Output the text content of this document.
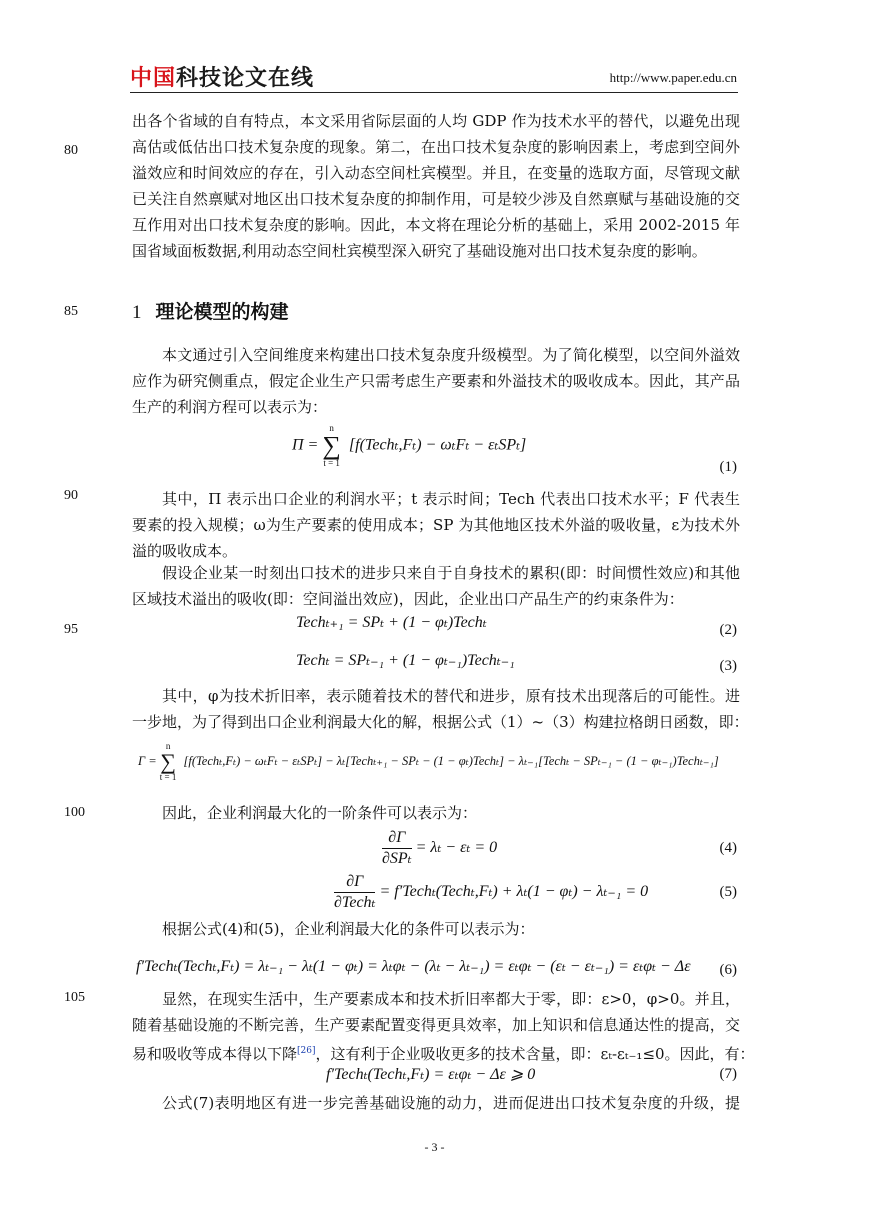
中国 科技论文在线	http://www.paper.edu.cn
80
85
90
95
100
105
出各个省域的自有特点，本文采用省际层面的人均 GDP 作为技术水平的替代，以避免出现
高估或低估出口技术复杂度的现象。第二，在出口技术复杂度的影响因素上，考虑到空间外
溢效应和时间效应的存在，引入动态空间杜宾模型。并且，在变量的选取方面，尽管现文献
已关注自然禀赋对地区出口技术复杂度的抑制作用，可是较少涉及自然禀赋与基础设施的交
互作用对出口技术复杂度的影响。因此，本文将在理论分析的基础上，采用 2002-2015 年
国省域面板数据,利用动态空间杜宾模型深入研究了基础设施对出口技术复杂度的影响。
1 理论模型的构建
本文通过引入空间维度来构建出口技术复杂度升级模型。为了简化模型，以空间外溢效
应作为研究侧重点，假定企业生产只需考虑生产要素和外溢技术的吸收成本。因此，其产品
生产的利润方程可以表示为：
Π =
n
∑
t = 1
[f(Techₜ,Fₜ) − ωₜFₜ − εₜSPₜ]
(1)
其中，Π 表示出口企业的利润水平；t 表示时间；Tech 代表出口技术水平；F 代表生
要素的投入规模；ω为生产要素的使用成本；SP 为其他地区技术外溢的吸收量，ε为技术外
溢的吸收成本。
假设企业某一时刻出口技术的进步只来自于自身技术的累积(即：时间惯性效应)和其他
区域技术溢出的吸收(即：空间溢出效应)，因此，企业出口产品生产的约束条件为：
Techₜ₊₁ = SPₜ + (1 − φₜ)Techₜ	(2)
Techₜ = SPₜ₋₁ + (1 − φₜ₋₁)Techₜ₋₁	(3)
其中，φ为技术折旧率，表示随着技术的替代和进步，原有技术出现落后的可能性。进
一步地，为了得到出口企业利润最大化的解，根据公式（1）~（3）构建拉格朗日函数，即：
Γ =
n
∑
t = 1
[f(Techₜ,Fₜ) − ωₜFₜ − εₜSPₜ] − λₜ[Techₜ₊₁ − SPₜ − (1 − φₜ)Techₜ] − λₜ₋₁[Techₜ − SPₜ₋₁ − (1 − φₜ₋₁)Techₜ₋₁]
因此，企业利润最大化的一阶条件可以表示为：
$\frac{\partial\Gamma}{\text{∂SPₜ}} = \lambda_t - \varepsilon_t = 0$	(4)
$\frac{\partial\Gamma}{\text{∂Techₜ}}$ = f′Techₜ(Techₜ,Fₜ) + λₜ(1 − φₜ) − λₜ₋₁ = 0	(5)
根据公式(4)和(5)，企业利润最大化的条件可以表示为：
f′Techₜ(Techₜ,Fₜ) = λₜ₋₁ − λₜ(1 − φₜ) = λₜφₜ − (λₜ − λₜ₋₁) = εₜφₜ − (εₜ − εₜ₋₁) = εₜφₜ − Δε (6)
显然，在现实生活中，生产要素成本和技术折旧率都大于零，即：ε>0，φ>0。并且，
随着基础设施的不断完善，生产要素配置变得更具效率，加上知识和信息通达性的提高，交
易和吸收等成本得以下降[26]，这有利于企业吸收更多的技术含量，即：εₜ-εₜ₋₁≤0。因此，有：
f′Techₜ(Techₜ,Fₜ) = εₜφₜ − Δε ⩾ 0	(7)
公式(7)表明地区有进一步完善基础设施的动力，进而促进出口技术复杂度的升级，提
- 3 -
